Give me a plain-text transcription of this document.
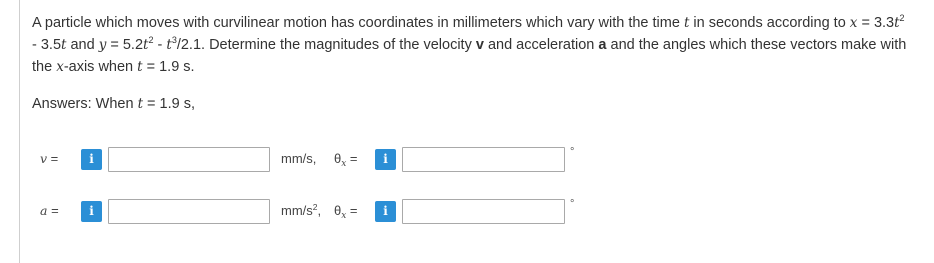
A particle which moves with curvilinear motion has coordinates in millimeters which vary with the time t in seconds according to $x = 3.3t^2 - 3.5t$ and $y = 5.2t^2 - t^3/2.1$. Determine the magnitudes of the velocity v and acceleration a and the angles which these vectors make with the x-axis when t = 1.9 s.
Answers: When t = 1.9 s,
v =	i	mm/s, $\theta_x$ =	i	°
a =	i	$mm/s^2$, $\theta_x$ =	i	°
